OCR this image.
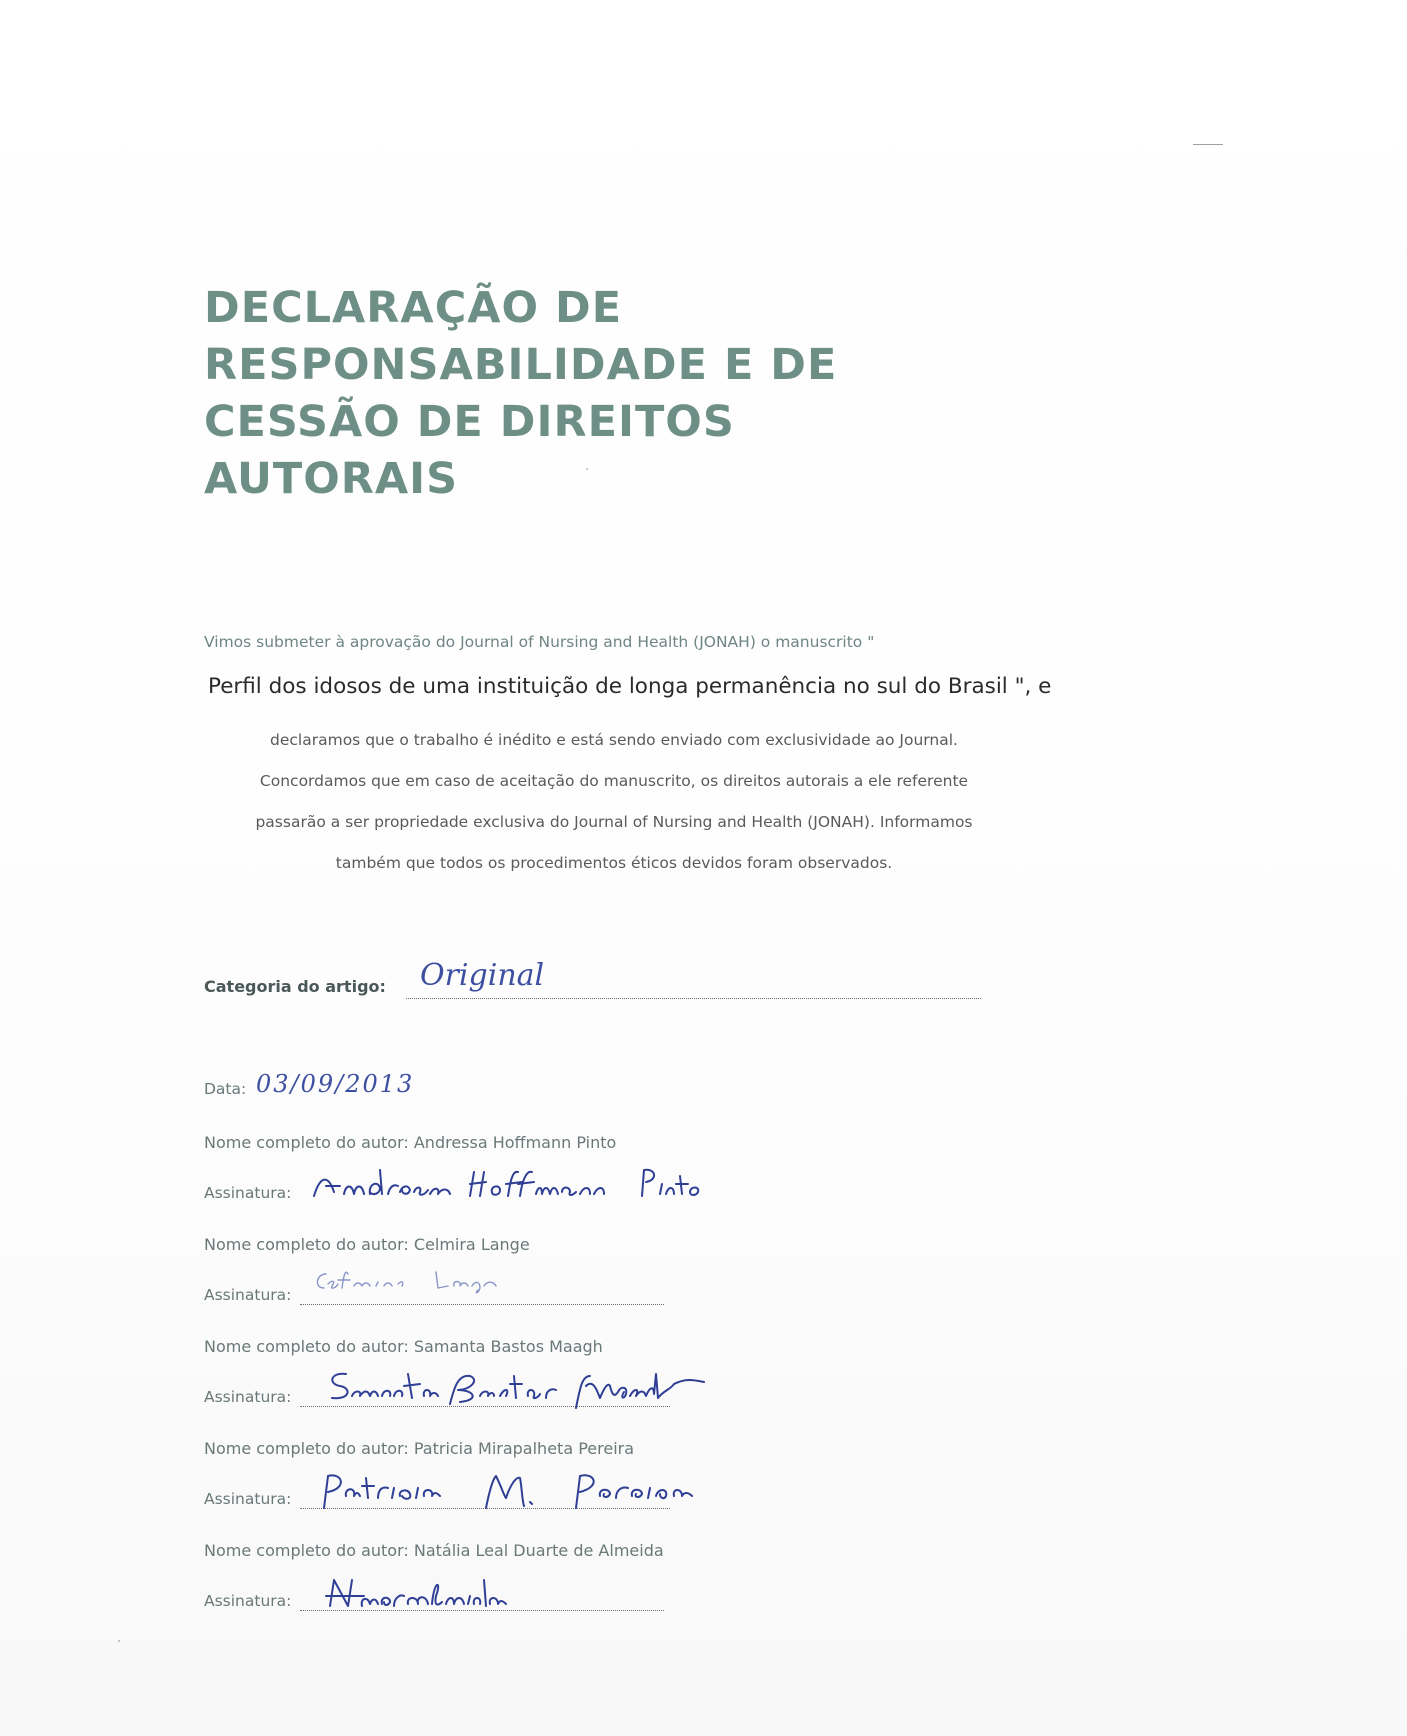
DECLARAÇÃO DE
RESPONSABILIDADE E DE
CESSÃO DE DIREITOS
AUTORAIS
Vimos submeter à aprovação do Journal of Nursing and Health (JONAH) o manuscrito "
Perfil dos idosos de uma instituição de longa permanência no sul do Brasil ", e
declaramos que o trabalho é inédito e está sendo enviado com exclusividade ao Journal.
Concordamos que em caso de aceitação do manuscrito, os direitos autorais a ele referente
passarão a ser propriedade exclusiva do Journal of Nursing and Health (JONAH). Informamos
também que todos os procedimentos éticos devidos foram observados.
Categoria do artigo: Original
Data: 03/09/2013
Nome completo do autor: Andressa Hoffmann Pinto
Assinatura:
Nome completo do autor: Celmira Lange
Assinatura:
Nome completo do autor: Samanta Bastos Maagh
Assinatura:
Nome completo do autor: Patricia Mirapalheta Pereira
Assinatura:
Nome completo do autor: Natália Leal Duarte de Almeida
Assinatura:
